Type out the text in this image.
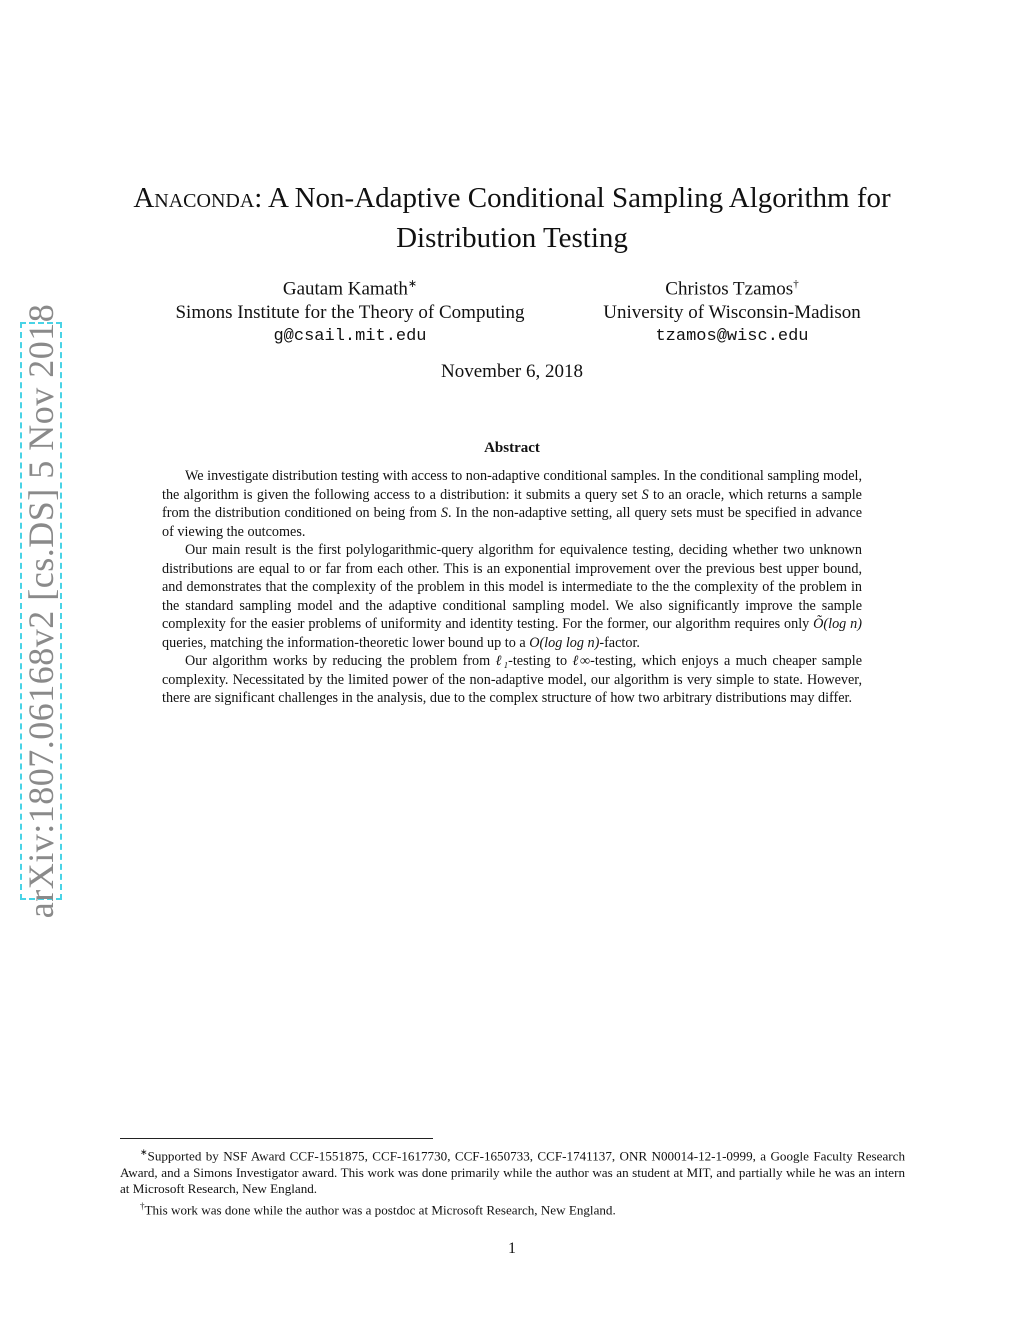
arXiv:1807.06168v2 [cs.DS] 5 Nov 2018
Anaconda: A Non-Adaptive Conditional Sampling Algorithm for
Distribution Testing
Gautam Kamath∗
Simons Institute for the Theory of Computing
g@csail.mit.edu
Christos Tzamos†
University of Wisconsin-Madison
tzamos@wisc.edu
November 6, 2018
Abstract

We investigate distribution testing with access to non-adaptive conditional samples. In the conditional sampling model, the algorithm is given the following access to a distribution: it submits a query set S to an oracle, which returns a sample from the distribution conditioned on being from S. In the non-adaptive setting, all query sets must be specified in advance of viewing the outcomes.

Our main result is the first polylogarithmic-query algorithm for equivalence testing, deciding whether two unknown distributions are equal to or far from each other. This is an exponential improvement over the previous best upper bound, and demonstrates that the complexity of the problem in this model is intermediate to the the complexity of the problem in the standard sampling model and the adaptive conditional sampling model. We also significantly improve the sample complexity for the easier problems of uniformity and identity testing. For the former, our algorithm requires only Õ(log n) queries, matching the information-theoretic lower bound up to a O(log log n)-factor.

Our algorithm works by reducing the problem from ℓ₁-testing to ℓ∞-testing, which enjoys a much cheaper sample complexity. Necessitated by the limited power of the non-adaptive model, our algorithm is very simple to state. However, there are significant challenges in the analysis, due to the complex structure of how two arbitrary distributions may differ.

∗Supported by NSF Award CCF-1551875, CCF-1617730, CCF-1650733, CCF-1741137, ONR N00014-12-1-0999, a Google Faculty Research Award, and a Simons Investigator award. This work was done primarily while the author was an student at MIT, and partially while he was an intern at Microsoft Research, New England.

†This work was done while the author was a postdoc at Microsoft Research, New England.

1
